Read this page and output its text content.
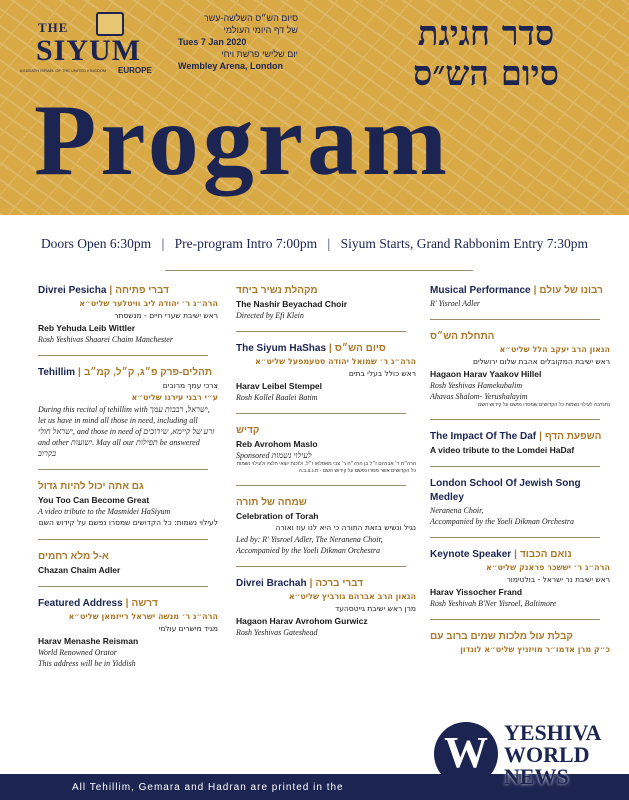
THE
SIYUM
AGUDATH ISRAEL OF THE UNITED KINGDOM EUROPE
סיום הש״ס השלשה-עשר
של דף היומי העולמי
Tues 7 Jan 2020
יום שלישי פרשת ויחי
Wembley Arena, London
סדר חגיגת
סיום הש״ס
Program
Doors Open 6:30pm | Pre-program Intro 7:00pm | Siyum Starts, Grand Rabbonim Entry 7:30pm
Divrei Pesicha | דברי פתיחה
הרה״ג ר׳ יהודה ליב וויטלער שליט״א
ראש ישיבת שערי חיים - מנשסתר
Reb Yehuda Leib Wittler
Rosh Yeshivas Shaarei Chaim Manchester
Tehillim | תהלים-פרק פ״ג, ק״ל, קמ״ב
צרכי עמך מרובים
ע״י רבני עירנו שליט״א
During this recital of tehillim with ישראל, רבבות עמך, let us have in mind all those in need, including all ישראל חולי, and those in need of זרע של קיימא, שידוכים and other ישועות. May all our תפילות be answered בקרוב
גם אתה יכול להיות גדול
You Too Can Become Great
A video tribute to the Masmidei HaSiyum
לעילוי נשמות: כל הקדושים שמסרו נפשם על קידוש השם
א-ל מלא רחמים
Chazan Chaim Adler
Featured Address | דרשה
הרה״ג ר׳ מנשה ישראל רייזמאן שליט״א
מגיד מישרים עולמי
Harav Menashe Reisman
World Renowned Orator
This address will be in Yiddish
מקהלת נשיר ביחד
The Nashir Beyachad Choir
Directed by Efi Klein
The Siyum HaShas | סיום הש״ס
הרה״ג ר׳ שמואל יהודה סטעמפעל שליט״א
ראש כולל בעלי בתים
Harav Leibel Stempel
Rosh Kollel Baalei Batim
קדיש
Reb Avrohom Maslo
Sponsored לעילוי נשמות
הרה״ח ר׳ אברהם ז״ל בן הרה״ח ר׳ צבי מאסלאו ז״ל, ולזכות יוצאי חלציו ולעילוי נשמות כל הקדושים אשר מסרו נפשם על קידוש השם - ת.נ.צ.ב.ה
שמחה של תורה
Celebration of Torah
נגיל ונשיש בזאת התורה כי היא לנו עוז ואורה
Led by: R' Yisroel Adler, The Neranena Choir, Accompanied by the Yoeli Dikman Orchestra
Divrei Brachah | דברי ברכה
הגאון הרב אברהם גורביץ שליט״א
מרן ראש ישיבת גייטסהעד
Hagaon Harav Avrohom Gurwicz
Rosh Yeshivas Gateshead
Musical Performance | רבונו של עולם
R' Yisroel Adler
התחלת הש״ס
הגאון הרב יעקב הלל שליט״א
ראש ישיבת המקובלים אהבת שלום ירושלים
Hagaon Harav Yaakov Hillel
Rosh Yeshivas Hamekubalim
Ahavas Shalom- Yerushalayim
נתנדבה לעילוי נשמות כל הקדושים שמסרו נפשם על קידוש השם
The Impact Of The Daf | השפעת הדף
A video tribute to the Lomdei HaDaf
London School Of Jewish Song Medley
Neranena Choir,
Accompanied by the Yoeli Dikman Orchestra
Keynote Speaker | נואם הכבוד
הרה״ג ר׳ יששכר פראנק שליט״א
ראש ישיבת נר ישראל - בולטימור
Harav Yissocher Frand
Rosh Yeshivah B'Ner Yisroel, Baltimore
קבלת עול מלכות שמים ברוב עם
כ״ק מרן אדמו״ר מויזניץ שליט״א לונדון
All Tehillim, Gemara and Hadran are printed in the
W YESHIVA
WORLD
NEWS
